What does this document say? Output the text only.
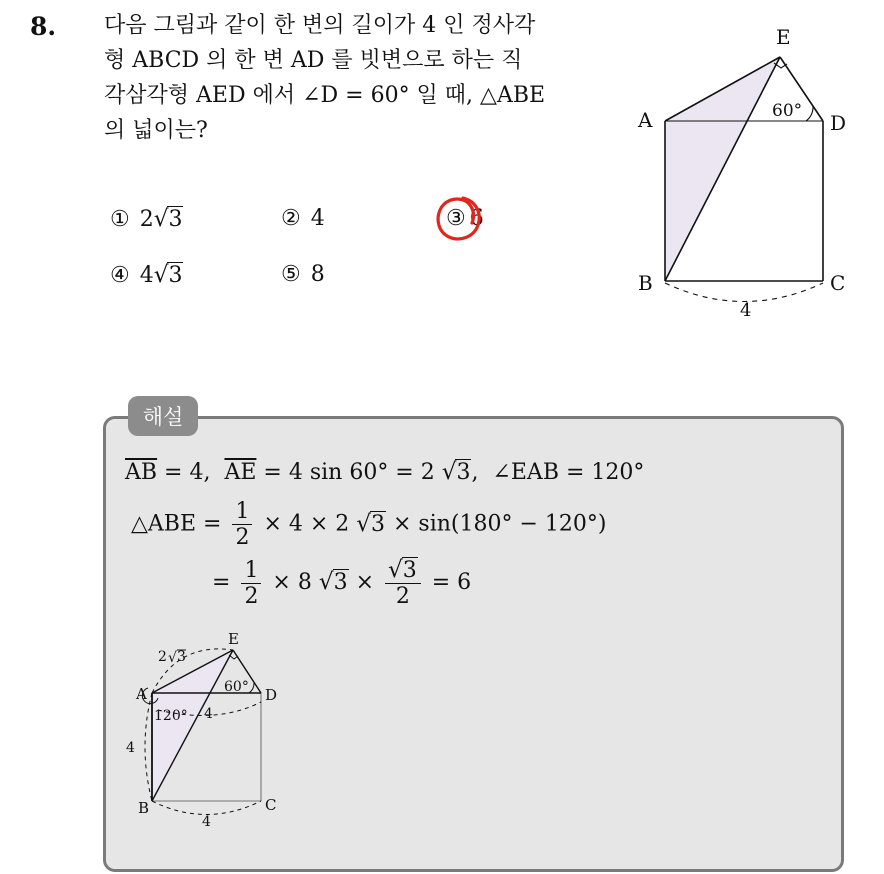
8. 다음 그림과 같이 한 변의 길이가 4 인 정사각
형 ABCD 의 한 변 AD 를 빗변으로 하는 직
각삼각형 AED 에서 ∠D = 60° 일 때, △ABE
의 넓이는?

① 2√3	② 4	③ 6
④ 4√3	⑤ 8
A
B	C
D
E
60°
4
해설
$\overline{AB} = 4$,  $\overline{AE} = 4$ sin 60° = 2 √3,  ∠EAB = 120°
△ABE = $\frac{1}{2} \times 4 \times 2$ √3 × sin(180° − 120°)
= $\frac{1}{2} \times 8$ $√3 \times \frac{√3}{2} = 6$
A
B	C
D
E
2 √ 3
60°
120° 4
4
4
